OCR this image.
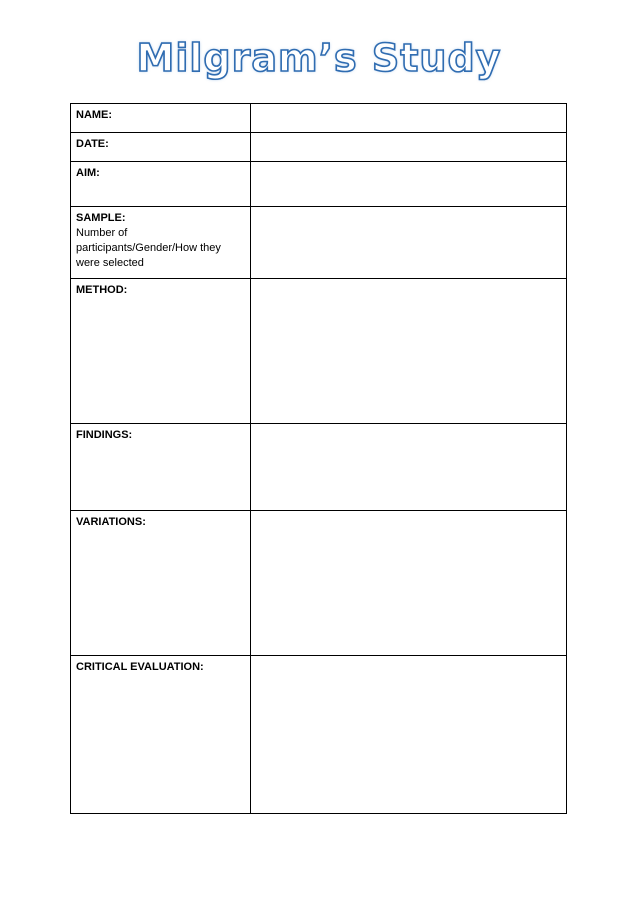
Milgram’s Study
NAME:	

DATE:	

AIM:	

SAMPLE:
Number of
participants/Gender/How they
were selected	

METHOD:	

FINDINGS:	

VARIATIONS:	

CRITICAL EVALUATION:	
